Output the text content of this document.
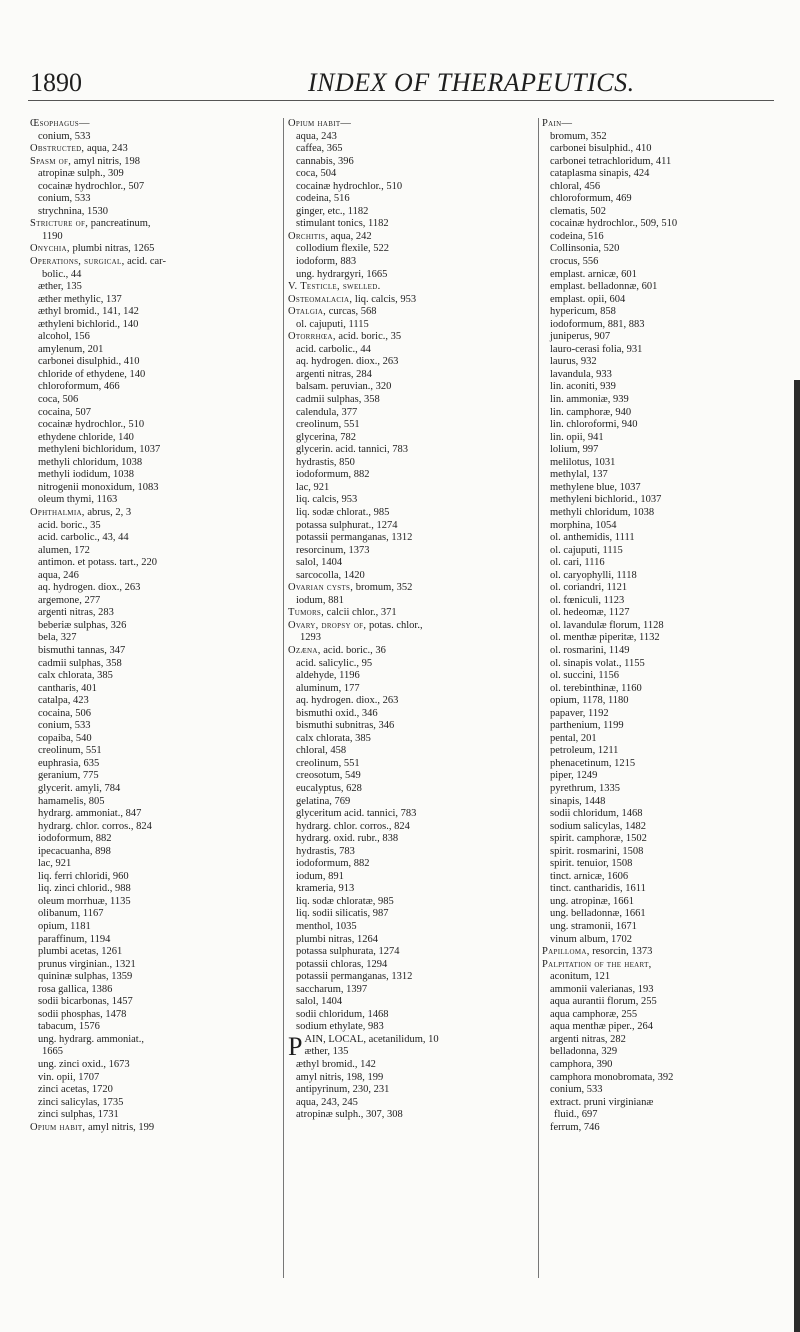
1890	INDEX OF THERAPEUTICS.
Œsophagus—
conium, 533
Obstructed, aqua, 243
Spasm of, amyl nitris, 198
atropinæ sulph., 309
cocainæ hydrochlor., 507
conium, 533
strychnina, 1530
Stricture of, pancreatinum,
1190
Onychia, plumbi nitras, 1265
Operations, surgical, acid. car-
bolic., 44
æther, 135
æther methylic, 137
æthyl bromid., 141, 142
æthyleni bichlorid., 140
alcohol, 156
amylenum, 201
carbonei disulphid., 410
chloride of ethydene, 140
chloroformum, 466
coca, 506
cocaina, 507
cocainæ hydrochlor., 510
ethydene chloride, 140
methyleni bichloridum, 1037
methyli chloridum, 1038
methyli iodidum, 1038
nitrogenii monoxidum, 1083
oleum thymi, 1163
Ophthalmia, abrus, 2, 3
acid. boric., 35
acid. carbolic., 43, 44
alumen, 172
antimon. et potass. tart., 220
aqua, 246
aq. hydrogen. diox., 263
argemone, 277
argenti nitras, 283
beberiæ sulphas, 326
bela, 327
bismuthi tannas, 347
cadmii sulphas, 358
calx chlorata, 385
cantharis, 401
catalpa, 423
cocaina, 506
conium, 533
copaiba, 540
creolinum, 551
euphrasia, 635
geranium, 775
glycerit. amyli, 784
hamamelis, 805
hydrarg. ammoniat., 847
hydrarg. chlor. corros., 824
iodoformum, 882
ipecacuanha, 898
lac, 921
liq. ferri chloridi, 960
liq. zinci chlorid., 988
oleum morrhuæ, 1135
olibanum, 1167
opium, 1181
paraffinum, 1194
plumbi acetas, 1261
prunus virginian., 1321
quininæ sulphas, 1359
rosa gallica, 1386
sodii bicarbonas, 1457
sodii phosphas, 1478
tabacum, 1576
ung. hydrarg. ammoniat.,
1665
ung. zinci oxid., 1673
vin. opii, 1707
zinci acetas, 1720
zinci salicylas, 1735
zinci sulphas, 1731
Opium habit, amyl nitris, 199
Opium habit—
aqua, 243
caffea, 365
cannabis, 396
coca, 504
cocainæ hydrochlor., 510
codeina, 516
ginger, etc., 1182
stimulant tonics, 1182
Orchitis, aqua, 242
collodium flexile, 522
iodoform, 883
ung. hydrargyri, 1665
V. Testicle, swelled.
Osteomalacia, liq. calcis, 953
Otalgia, curcas, 568
ol. cajuputi, 1115
Otorrhœa, acid. boric., 35
acid. carbolic., 44
aq. hydrogen. diox., 263
argenti nitras, 284
balsam. peruvian., 320
cadmii sulphas, 358
calendula, 377
creolinum, 551
glycerina, 782
glycerin. acid. tannici, 783
hydrastis, 850
iodoformum, 882
lac, 921
liq. calcis, 953
liq. sodæ chlorat., 985
potassa sulphurat., 1274
potassii permanganas, 1312
resorcinum, 1373
salol, 1404
sarcocolla, 1420
Ovarian cysts, bromum, 352
iodum, 881
Tumors, calcii chlor., 371
Ovary, dropsy of, potas. chlor.,
1293
Ozæna, acid. boric., 36
acid. salicylic., 95
aldehyde, 1196
aluminum, 177
aq. hydrogen. diox., 263
bismuthi oxid., 346
bismuthi subnitras, 346
calx chlorata, 385
chloral, 458
creolinum, 551
creosotum, 549
eucalyptus, 628
gelatina, 769
glyceritum acid. tannici, 783
hydrarg. chlor. corros., 824
hydrarg. oxid. rubr., 838
hydrastis, 783
iodoformum, 882
iodum, 891
krameria, 913
liq. sodæ chloratæ, 985
liq. sodii silicatis, 987
menthol, 1035
plumbi nitras, 1264
potassa sulphurata, 1274
potassii chloras, 1294
potassii permanganas, 1312
saccharum, 1397
salol, 1404
sodii chloridum, 1468
sodium ethylate, 983
PAIN, LOCAL, acetanilidum, 10
æther, 135
æthyl bromid., 142
amyl nitris, 198, 199
antipyrinum, 230, 231
aqua, 243, 245
atropinæ sulph., 307, 308
Pain—
bromum, 352
carbonei bisulphid., 410
carbonei tetrachloridum, 411
cataplasma sinapis, 424
chloral, 456
chloroformum, 469
clematis, 502
cocainæ hydrochlor., 509, 510
codeina, 516
Collinsonia, 520
crocus, 556
emplast. arnicæ, 601
emplast. belladonnæ, 601
emplast. opii, 604
hypericum, 858
iodoformum, 881, 883
juniperus, 907
lauro-cerasi folia, 931
laurus, 932
lavandula, 933
lin. aconiti, 939
lin. ammoniæ, 939
lin. camphoræ, 940
lin. chloroformi, 940
lin. opii, 941
lolium, 997
melilotus, 1031
methylal, 137
methylene blue, 1037
methyleni bichlorid., 1037
methyli chloridum, 1038
morphina, 1054
ol. anthemidis, 1111
ol. cajuputi, 1115
ol. cari, 1116
ol. caryophylli, 1118
ol. coriandri, 1121
ol. fœniculi, 1123
ol. hedeomæ, 1127
ol. lavandulæ florum, 1128
ol. menthæ piperitæ, 1132
ol. rosmarini, 1149
ol. sinapis volat., 1155
ol. succini, 1156
ol. terebinthinæ, 1160
opium, 1178, 1180
papaver, 1192
parthenium, 1199
pental, 201
petroleum, 1211
phenacetinum, 1215
piper, 1249
pyrethrum, 1335
sinapis, 1448
sodii chloridum, 1468
sodium salicylas, 1482
spirit. camphoræ, 1502
spirit. rosmarini, 1508
spirit. tenuior, 1508
tinct. arnicæ, 1606
tinct. cantharidis, 1611
ung. atropinæ, 1661
ung. belladonnæ, 1661
ung. stramonii, 1671
vinum album, 1702
Papilloma, resorcin, 1373
Palpitation of the heart,
aconitum, 121
ammonii valerianas, 193
aqua aurantii florum, 255
aqua camphoræ, 255
aqua menthæ piper., 264
argenti nitras, 282
belladonna, 329
camphora, 390
camphora monobromata, 392
conium, 533
extract. pruni virginianæ
fluid., 697
ferrum, 746
